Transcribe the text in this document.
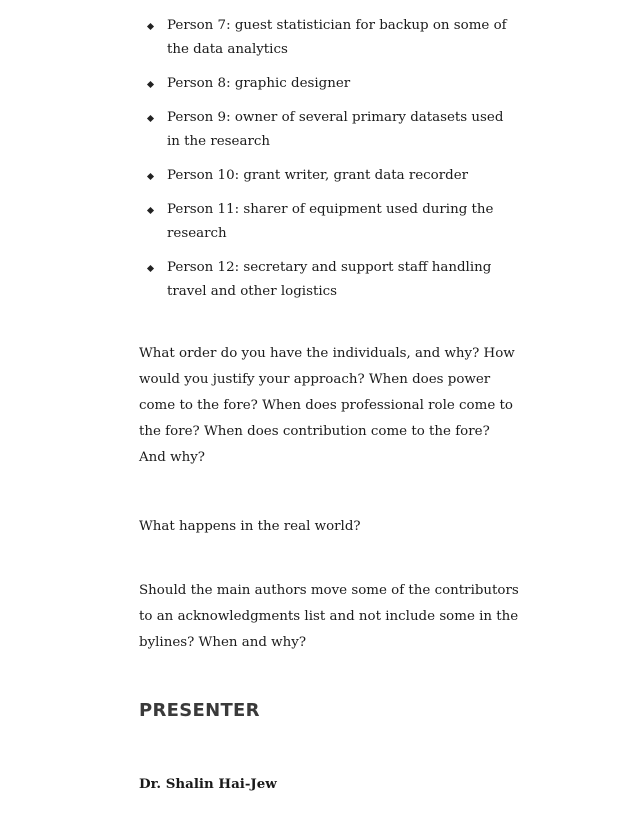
Person 7: guest statistician for backup on some of the data analytics
Person 8: graphic designer
Person 9: owner of several primary datasets used in the research
Person 10: grant writer, grant data recorder
Person 11: sharer of equipment used during the research
Person 12: secretary and support staff handling travel and other logistics

What order do you have the individuals, and why? How would you justify your approach? When does power come to the fore? When does professional role come to the fore? When does contribution come to the fore? And why?

What happens in the real world?

Should the main authors move some of the contributors to an acknowledgments list and not include some in the bylines? When and why?

PRESENTER

Dr. Shalin Hai-Jew
